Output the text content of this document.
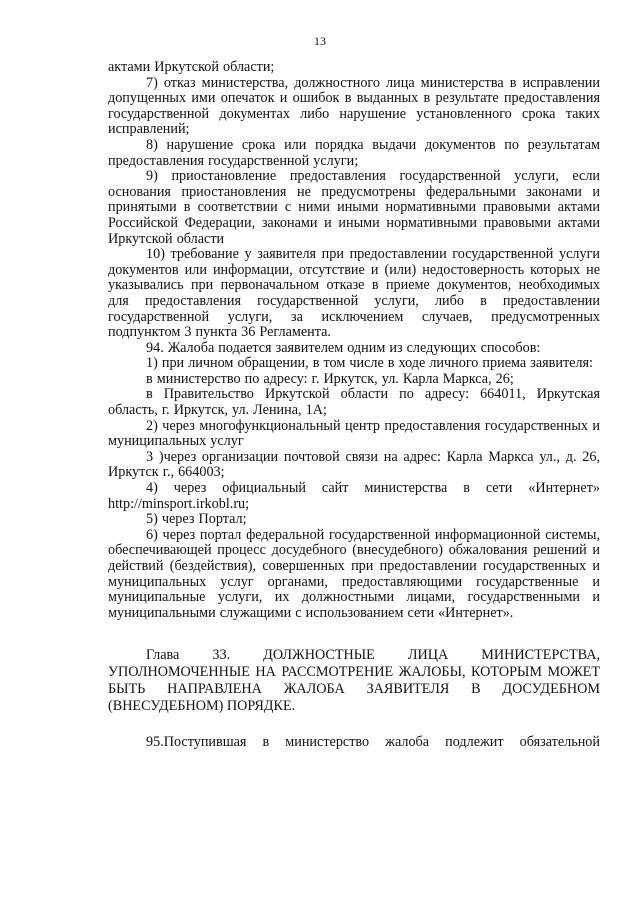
13

актами Иркутской области;

7) отказ министерства, должностного лица министерства в исправлении допущенных ими опечаток и ошибок в выданных в результате предоставления государственной документах либо нарушение установленного срока таких исправлений;

8) нарушение срока или порядка выдачи документов по результатам предоставления государственной услуги;

9) приостановление предоставления государственной услуги, если основания приостановления не предусмотрены федеральными законами и принятыми в соответствии с ними иными нормативными правовыми актами Российской Федерации, законами и иными нормативными правовыми актами Иркутской области

10) требование у заявителя при предоставлении государственной услуги документов или информации, отсутствие и (или) недостоверность которых не указывались при первоначальном отказе в приеме документов, необходимых для предоставления государственной услуги, либо в предоставлении государственной услуги, за исключением случаев, предусмотренных подпунктом 3 пункта 36 Регламента.

94. Жалоба подается заявителем одним из следующих способов:

1) при личном обращении, в том числе в ходе личного приема заявителя:

в министерство по адресу: г. Иркутск, ул. Карла Маркса, 26;

в Правительство Иркутской области по адресу: 664011, Иркутская область, г. Иркутск, ул. Ленина, 1А;

2) через многофункциональный центр предоставления государственных и муниципальных услуг

3 )через организации почтовой связи на адрес: Карла Маркса ул., д. 26, Иркутск г., 664003;

4) через официальный сайт министерства в сети «Интернет» http://minsport.irkobl.ru;

5) через Портал;

6) через портал федеральной государственной информационной системы, обеспечивающей процесс досудебного (внесудебного) обжалования решений и действий (бездействия), совершенных при предоставлении государственных и муниципальных услуг органами, предоставляющими государственные и муниципальные услуги, их должностными лицами, государственными и муниципальными служащими с использованием сети «Интернет».

Глава 33. ДОЛЖНОСТНЫЕ ЛИЦА МИНИСТЕРСТВА, УПОЛНОМОЧЕННЫЕ НА РАССМОТРЕНИЕ ЖАЛОБЫ, КОТОРЫМ МОЖЕТ БЫТЬ НАПРАВЛЕНА ЖАЛОБА ЗАЯВИТЕЛЯ В ДОСУДЕБНОМ (ВНЕСУДЕБНОМ) ПОРЯДКЕ.

95.Поступившая в министерство жалоба подлежит обязательной
